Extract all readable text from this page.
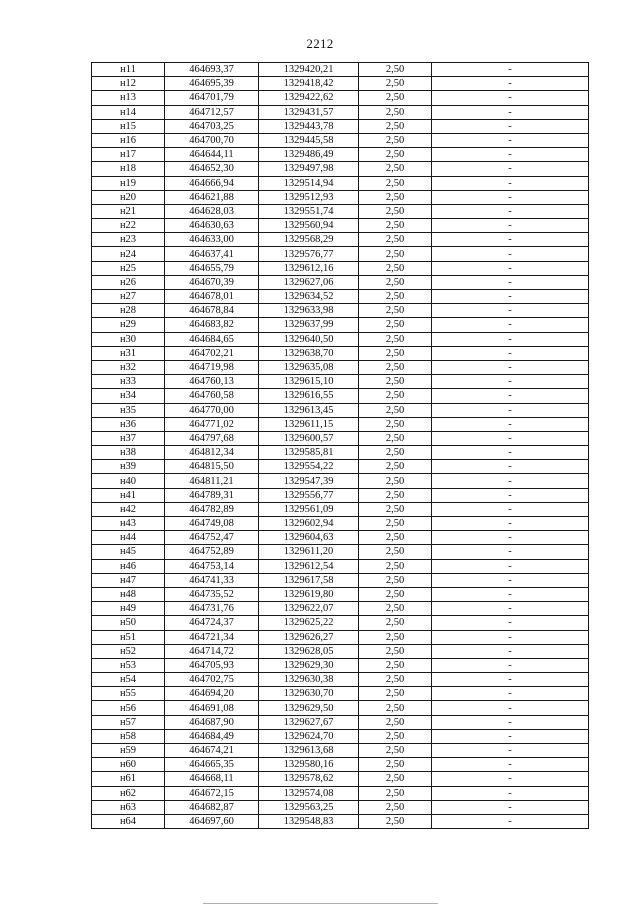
2212
н11	464693,37	1329420,21	2,50	-
н12	464695,39	1329418,42	2,50	-
н13	464701,79	1329422,62	2,50	-
н14	464712,57	1329431,57	2,50	-
н15	464703,25	1329443,78	2,50	-
н16	464700,70	1329445,58	2,50	-
н17	464644,11	1329486,49	2,50	-
н18	464652,30	1329497,98	2,50	-
н19	464666,94	1329514,94	2,50	-
н20	464621,88	1329512,93	2,50	-
н21	464628,03	1329551,74	2,50	-
н22	464630,63	1329560,94	2,50	-
н23	464633,00	1329568,29	2,50	-
н24	464637,41	1329576,77	2,50	-
н25	464655,79	1329612,16	2,50	-
н26	464670,39	1329627,06	2,50	-
н27	464678,01	1329634,52	2,50	-
н28	464678,84	1329633,98	2,50	-
н29	464683,82	1329637,99	2,50	-
н30	464684,65	1329640,50	2,50	-
н31	464702,21	1329638,70	2,50	-
н32	464719,98	1329635,08	2,50	-
н33	464760,13	1329615,10	2,50	-
н34	464760,58	1329616,55	2,50	-
н35	464770,00	1329613,45	2,50	-
н36	464771,02	1329611,15	2,50	-
н37	464797,68	1329600,57	2,50	-
н38	464812,34	1329585,81	2,50	-
н39	464815,50	1329554,22	2,50	-
н40	464811,21	1329547,39	2,50	-
н41	464789,31	1329556,77	2,50	-
н42	464782,89	1329561,09	2,50	-
н43	464749,08	1329602,94	2,50	-
н44	464752,47	1329604,63	2,50	-
н45	464752,89	1329611,20	2,50	-
н46	464753,14	1329612,54	2,50	-
н47	464741,33	1329617,58	2,50	-
н48	464735,52	1329619,80	2,50	-
н49	464731,76	1329622,07	2,50	-
н50	464724,37	1329625,22	2,50	-
н51	464721,34	1329626,27	2,50	-
н52	464714,72	1329628,05	2,50	-
н53	464705,93	1329629,30	2,50	-
н54	464702,75	1329630,38	2,50	-
н55	464694,20	1329630,70	2,50	-
н56	464691,08	1329629,50	2,50	-
н57	464687,90	1329627,67	2,50	-
н58	464684,49	1329624,70	2,50	-
н59	464674,21	1329613,68	2,50	-
н60	464665,35	1329580,16	2,50	-
н61	464668,11	1329578,62	2,50	-
н62	464672,15	1329574,08	2,50	-
н63	464682,87	1329563,25	2,50	-
н64	464697,60	1329548,83	2,50	-
